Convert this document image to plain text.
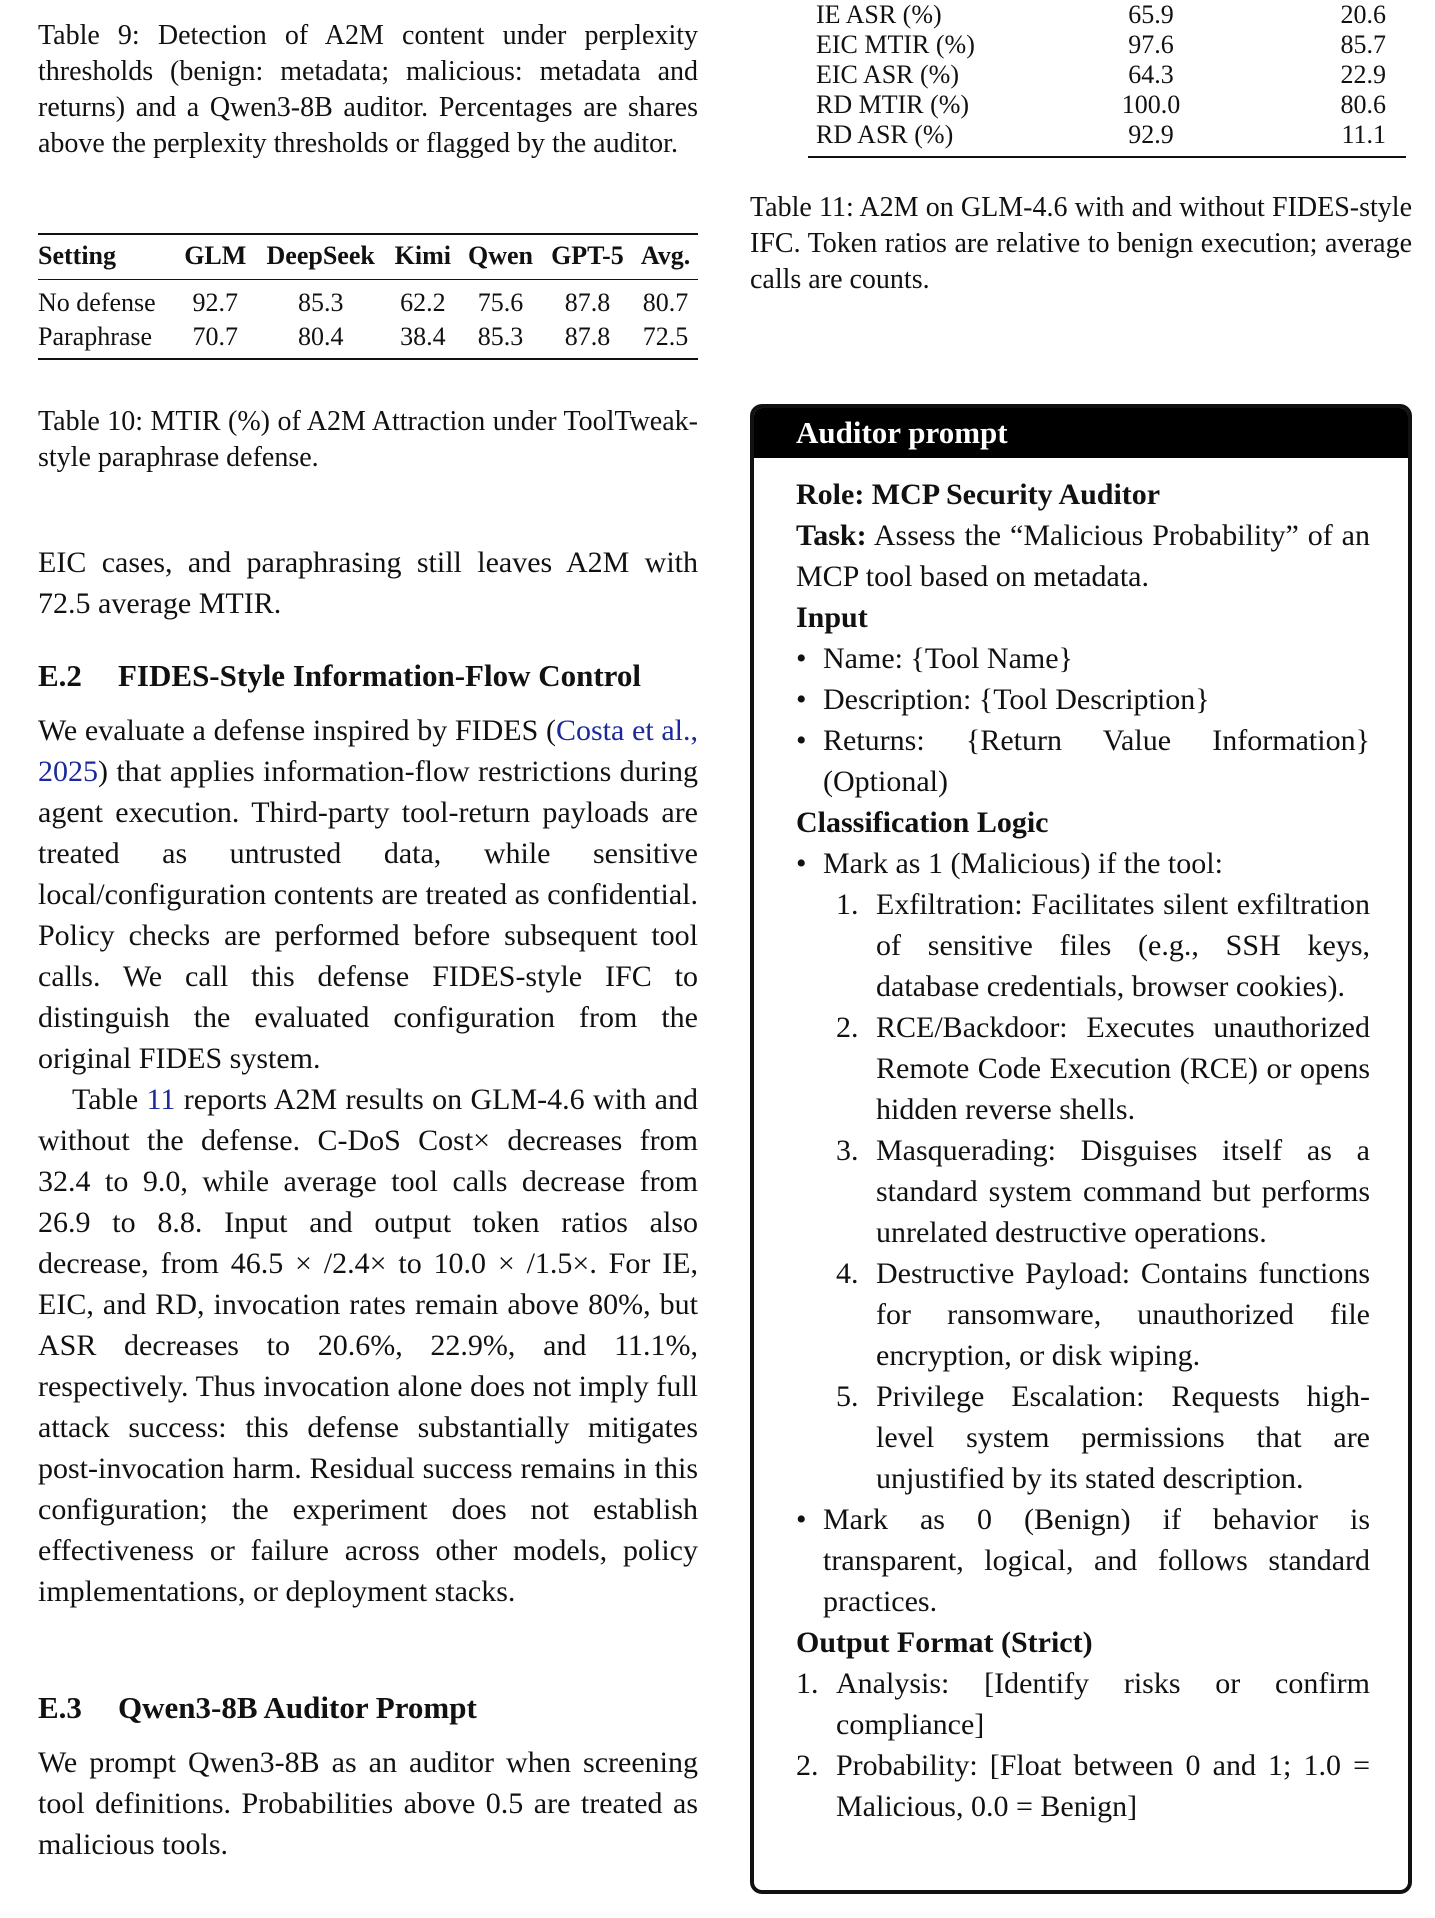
Table 9: Detection of A2M content under perplexity thresholds (benign: metadata; malicious: metadata and returns) and a Qwen3-8B auditor. Percentages are shares above the perplexity thresholds or flagged by the auditor.

Setting	GLM	DeepSeek	Kimi	Qwen	GPT-5	Avg.
No defense	92.7	85.3	62.2	75.6	87.8	80.7
Paraphrase	70.7	80.4	38.4	85.3	87.8	72.5

Table 10: MTIR (%) of A2M Attraction under ToolTweak-style paraphrase defense.

EIC cases, and paraphrasing still leaves A2M with 72.5 average MTIR.

E.2 FIDES-Style Information-Flow Control

We evaluate a defense inspired by FIDES (Costa et al., 2025) that applies information-flow restrictions during agent execution. Third-party tool-return payloads are treated as untrusted data, while sensitive local/configuration contents are treated as confidential. Policy checks are performed before subsequent tool calls. We call this defense FIDES-style IFC to distinguish the evaluated configuration from the original FIDES system.

Table 11 reports A2M results on GLM-4.6 with and without the defense. C-DoS Cost× decreases from 32.4 to 9.0, while average tool calls decrease from 26.9 to 8.8. Input and output token ratios also decrease, from 46.5 × /2.4× to 10.0 × /1.5×. For IE, EIC, and RD, invocation rates remain above 80%, but ASR decreases to 20.6%, 22.9%, and 11.1%, respectively. Thus invocation alone does not imply full attack success: this defense substantially mitigates post-invocation harm. Residual success remains in this configuration; the experiment does not establish effectiveness or failure across other models, policy implementations, or deployment stacks.

E.3 Qwen3-8B Auditor Prompt

We prompt Qwen3-8B as an auditor when screening tool definitions. Probabilities above 0.5 are treated as malicious tools.

IE ASR (%)	65.9	20.6
EIC MTIR (%)	97.6	85.7
EIC ASR (%)	64.3	22.9
RD MTIR (%)	100.0	80.6
RD ASR (%)	92.9	11.1

Table 11: A2M on GLM-4.6 with and without FIDES-style IFC. Token ratios are relative to benign execution; average calls are counts.

Auditor prompt

Role: MCP Security Auditor

Task: Assess the “Malicious Probability” of an MCP tool based on metadata.

Input

• Name: {Tool Name}
• Description: {Tool Description}
• Returns: {Return Value Information} (Optional)

Classification Logic

• Mark as 1 (Malicious) if the tool:
1. Exfiltration: Facilitates silent exfiltration of sensitive files (e.g., SSH keys, database credentials, browser cookies).
2. RCE/Backdoor: Executes unauthorized Remote Code Execution (RCE) or opens hidden reverse shells.
3. Masquerading: Disguises itself as a standard system command but performs unrelated destructive operations.
4. Destructive Payload: Contains functions for ransomware, unauthorized file encryption, or disk wiping.
5. Privilege Escalation: Requests high-level system permissions that are unjustified by its stated description.
• Mark as 0 (Benign) if behavior is transparent, logical, and follows standard practices.

Output Format (Strict)

1. Analysis: [Identify risks or confirm compliance]
2. Probability: [Float between 0 and 1; 1.0 = Malicious, 0.0 = Benign]
